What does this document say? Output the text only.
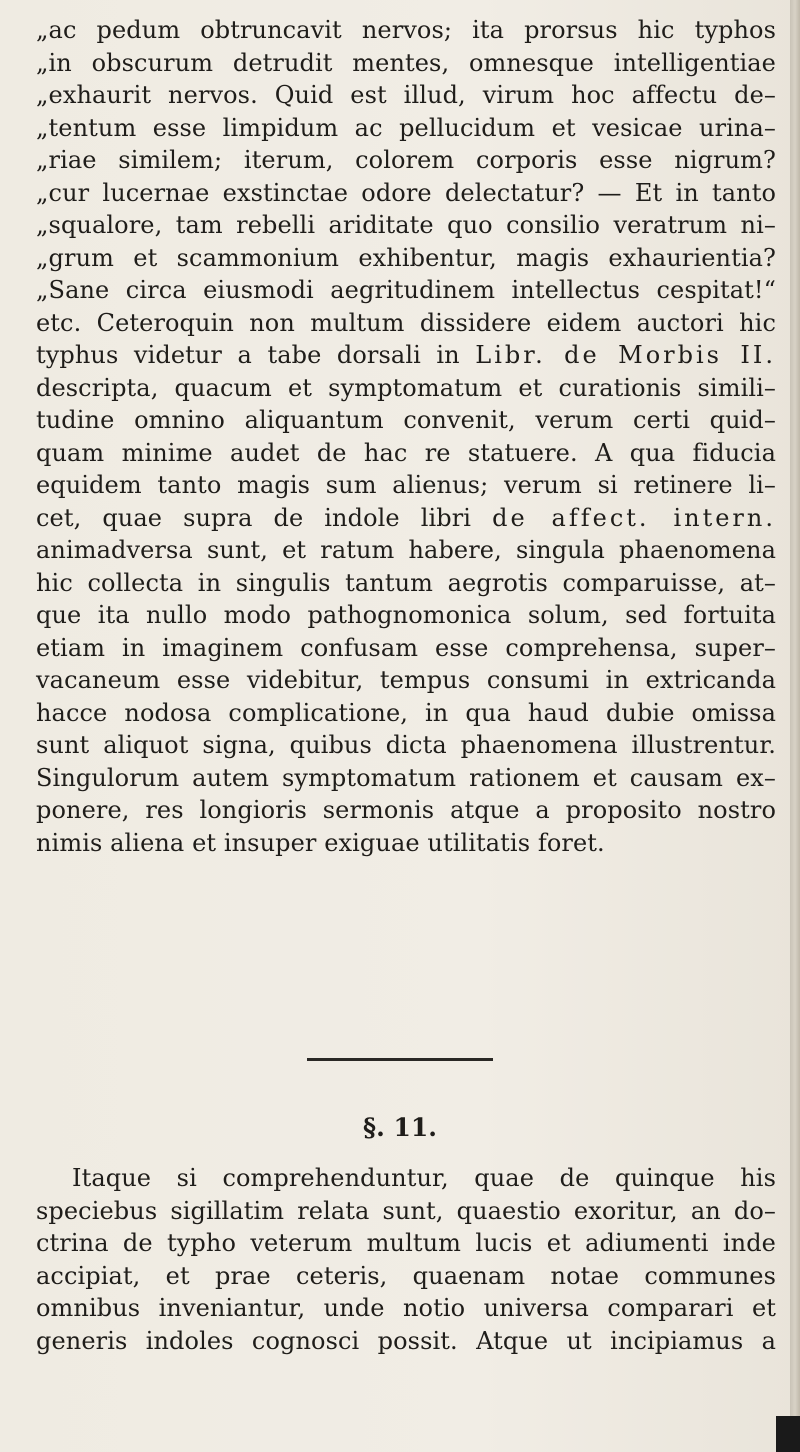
„ac pedum obtruncavit nervos; ita prorsus hic typhos
„in obscurum detrudit mentes, omnesque intelligentiae
„exhaurit nervos. Quid est illud, virum hoc affectu de–
„tentum esse limpidum ac pellucidum et vesicae urina–
„riae similem; iterum, colorem corporis esse nigrum?
„cur lucernae exstinctae odore delectatur? — Et in tanto
„squalore, tam rebelli ariditate quo consilio veratrum ni–
„grum et scammonium exhibentur, magis exhaurientia?
„Sane circa eiusmodi aegritudinem intellectus cespitat!“
etc. Ceteroquin non multum dissidere eidem auctori hic
typhus videtur a tabe dorsali in Libr. de Morbis II.
descripta, quacum et symptomatum et curationis simili–
tudine omnino aliquantum convenit, verum certi quid–
quam minime audet de hac re statuere. A qua fiducia
equidem tanto magis sum alienus; verum si retinere li–
cet, quae supra de indole libri de affect. intern.
animadversa sunt, et ratum habere, singula phaenomena
hic collecta in singulis tantum aegrotis comparuisse, at–
que ita nullo modo pathognomonica solum, sed fortuita
etiam in imaginem confusam esse comprehensa, super–
vacaneum esse videbitur, tempus consumi in extricanda
hacce nodosa complicatione, in qua haud dubie omissa
sunt aliquot signa, quibus dicta phaenomena illustrentur.
Singulorum autem symptomatum rationem et causam ex–
ponere, res longioris sermonis atque a proposito nostro
nimis aliena et insuper exiguae utilitatis foret.
§. 11.
Itaque si comprehenduntur, quae de quinque his
speciebus sigillatim relata sunt, quaestio exoritur, an do–
ctrina de typho veterum multum lucis et adiumenti inde
accipiat, et prae ceteris, quaenam notae communes
omnibus inveniantur, unde notio universa comparari et
generis indoles cognosci possit. Atque ut incipiamus a
